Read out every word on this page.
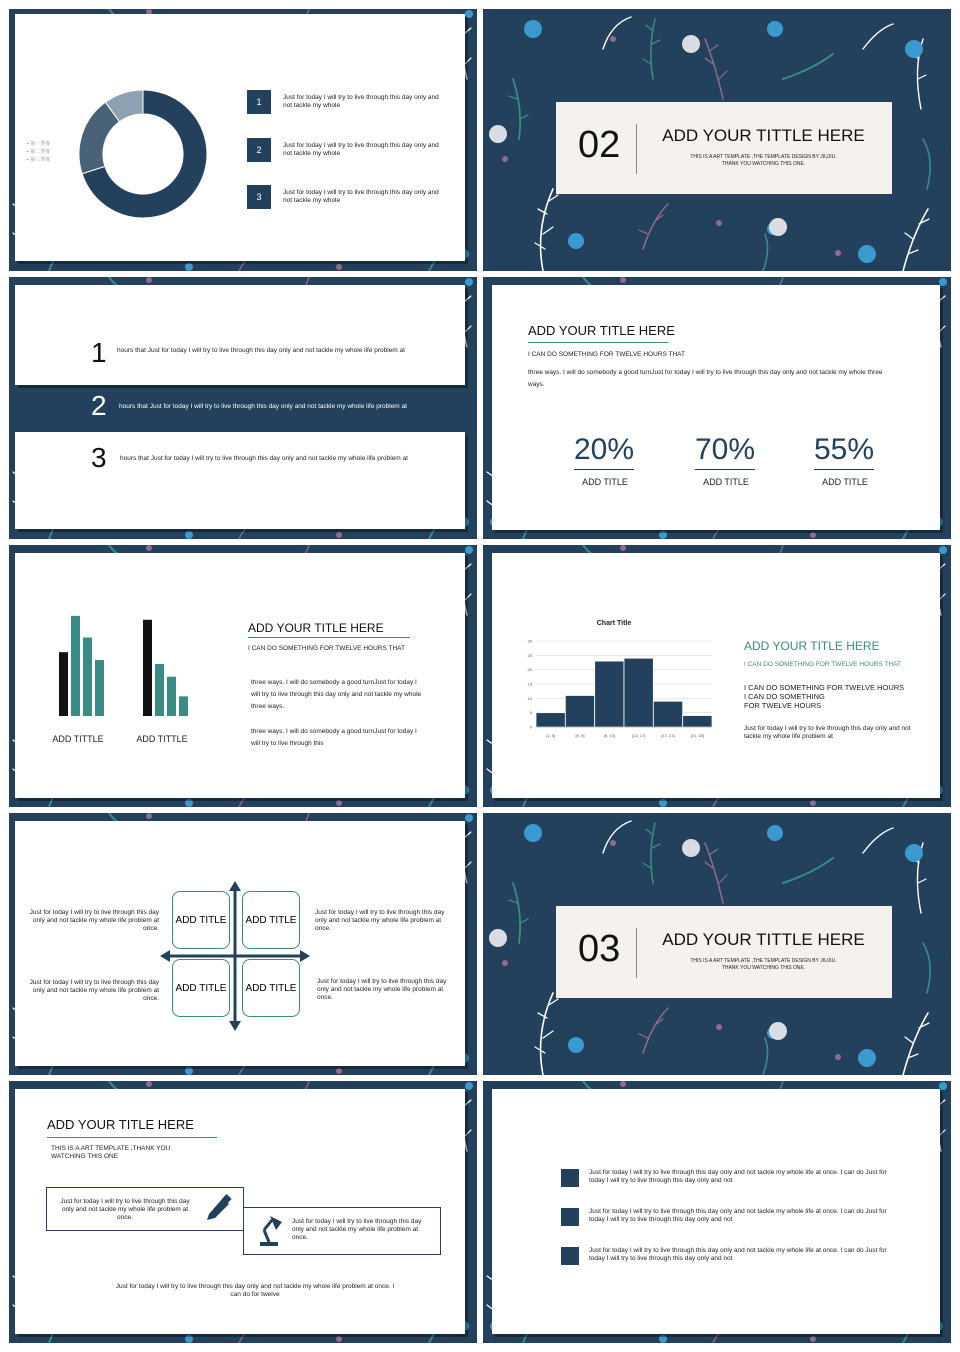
▪ 第一季度
▪ 第二季度
▪ 第三季度
1	Just for today I will try to live through this day only and not tackle my whole
2	Just for today I will try to live through this day only and not tackle my whole
3	Just for today I will try to live through this day only and not tackle my whole
02	ADD YOUR TITTLE HERE
THIS IS A ART TEMPLATE ,THE TEMPLATE DESIGN BY JIUJIU.
THANK YOU WATCHING THIS ONE.
1 hours that Just for today I will try to live through this day only and not tackle my whole life problem at
2 hours that Just for today I will try to live through this day only and not tackle my whole life problem at
3 hours that Just for today I will try to live through this day only and not tackle my whole life problem at
ADD YOUR TITLE HERE
I CAN DO SOMETHING FOR TWELVE HOURS THAT
three ways. I will do somebody a good turnJust for today I will try to live through this day only and not tackle my whole three ways.
20%
ADD TITLE
70%
ADD TITLE
55%
ADD TITLE
ADD TITTLE	ADD TITTLE
ADD YOUR TITLE HERE
I CAN DO SOMETHING FOR TWELVE HOURS THAT
three ways. I will do somebody a good turnJust for today I will try to live through this day only and not tackle my whole three ways.
three ways. I will do somebody a good turnJust for today I will try to live through this
Chart Title
0
5
10
15
20
25
30
[1, 5]	[5, 9]	[9, 13]	[13, 17]	[17, 21]	[21, 25]
ADD YOUR TITLE HERE
I CAN DO SOMETHING FOR TWELVE HOURS THAT
I CAN DO SOMETHING FOR TWELVE HOURS
I CAN DO SOMETHING
FOR TWELVE HOURS
Just for today I will try to live through this day only and not tackle my whole life problem at
ADD TITLE	ADD TITLE
ADD TITLE	ADD TITLE
Just for today I will try to live through this day only and not tackle my whole life problem at once.
Just for today I will try to live through this day only and not tackle my whole life problem at once.
Just for today I will try to live through this day only and not tackle my whole life problem at once.
Just for today I will try to live through this day only and not tackle my whole life problem at once.
03	ADD YOUR TITTLE HERE
THIS IS A ART TEMPLATE ,THE TEMPLATE DESIGN BY JIUJIU.
THANK YOU WATCHING THIS ONE.
ADD YOUR TITLE HERE
THIS IS A ART TEMPLATE ,THANK YOU WATCHING THIS ONE
Just for today I will try to live through this day only and not tackle my whole life problem at once.
Just for today I will try to live through this day only and not tackle my whole life problem at once.
Just for today I will try to live through this day only and not tackle my whole life problem at once. I can do for twelve
Just for today I will try to live through this day only and not tackle my whole life at once. I can do Just for today I will try to live through this day only and not
Just for today I will try to live through this day only and not tackle my whole life at once. I can do Just for today I will try to live through this day only and not
Just for today I will try to live through this day only and not tackle my whole life at once. I can do Just for today I will try to live through this day only and not
